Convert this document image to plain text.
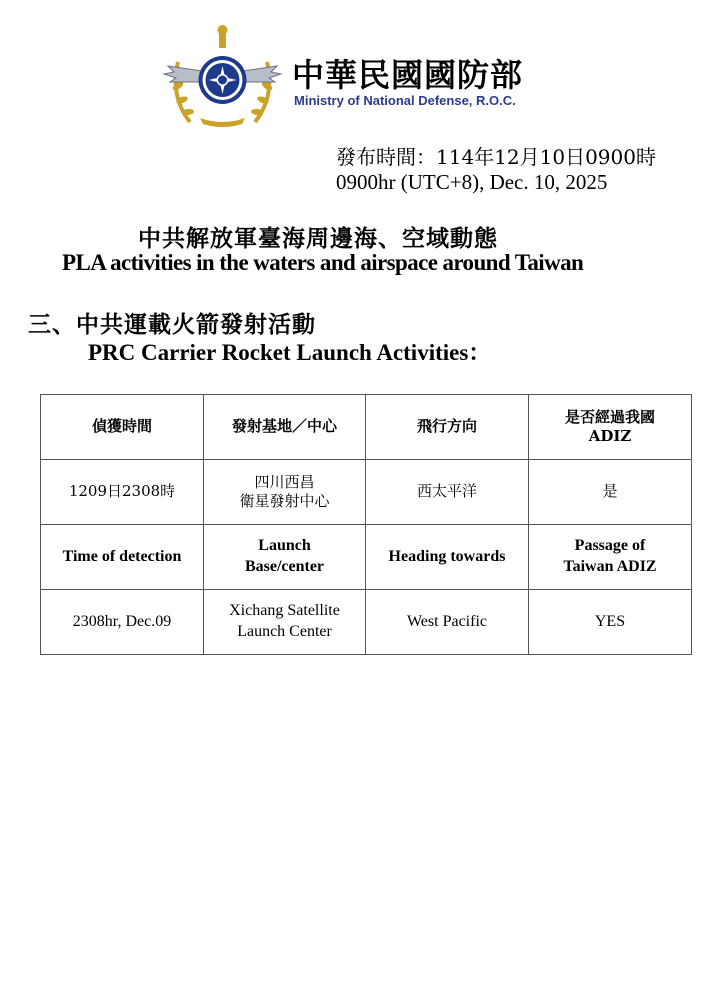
中華民國國防部
Ministry of National Defense, R.O.C.
發布時間：114年12月10日0900時
0900hr (UTC+8), Dec. 10, 2025
中共解放軍臺海周邊海、空域動態
PLA activities in the waters and airspace around Taiwan
三、中共運載火箭發射活動
PRC Carrier Rocket Launch Activities：
偵獲時間	發射基地／中心	飛行方向	是否經過我國
ADIZ

1209日2308時	四川西昌
衛星發射中心	西太平洋	是
Time of detection	Launch
Base/center	Heading towards	Passage of
Taiwan ADIZ

2308hr, Dec.09	Xichang Satellite
Launch Center	West Pacific	YES
